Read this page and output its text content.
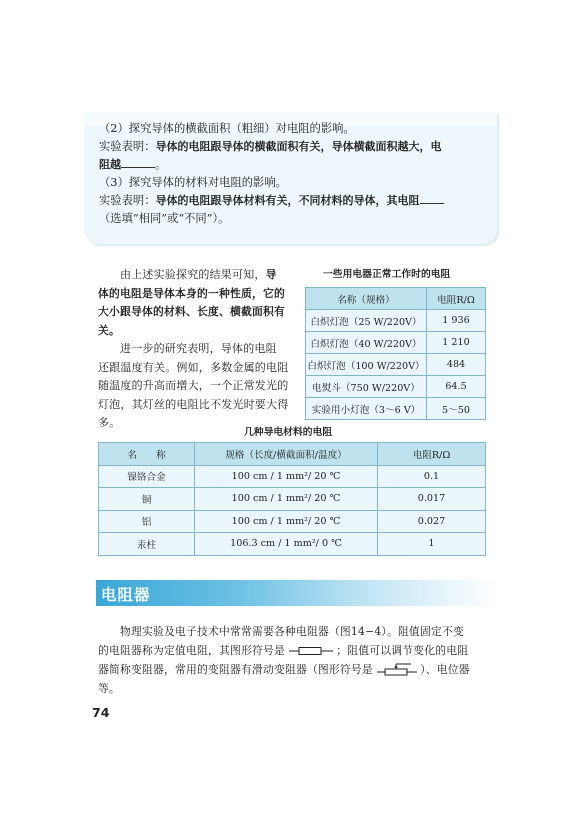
（2）探究导体的横截面积（粗细）对电阻的影响。
实验表明：导体的电阻跟导体的横截面积有关，导体横截面积越大，电
阻越	。
（3）探究导体的材料对电阻的影响。
实验表明：导体的电阻跟导体材料有关，不同材料的导体，其电阻
（选填“相同”或“不同”）。
由上述实验探究的结果可知，导
体的电阻是导体本身的一种性质，它的
大小跟导体的材料、长度、横截面积有
关。
进一步的研究表明，导体的电阻
还跟温度有关。例如，多数金属的电阻
随温度的升高而增大，一个正常发光的
灯泡，其灯丝的电阻比不发光时要大得
多。
一些用电器正常工作时的电阻
名称（规格）	电阻R/Ω
白炽灯泡（25 W/220V）	1 936
白炽灯泡（40 W/220V）	1 210
白炽灯泡（100 W/220V）	484
电熨斗（750 W/220V）	64.5
实验用小灯泡（3～6 V）	5～50
几种导电材料的电阻
名　　称	规格（长度/横截面积/温度）	电阻R/Ω
镍铬合金	100 cm / 1 mm²/ 20 ℃	0.1
铜	100 cm / 1 mm²/ 20 ℃	0.017
铝	100 cm / 1 mm²/ 20 ℃	0.027
汞柱	106.3 cm / 1 mm²/ 0 ℃	1
电阻器
物理实验及电子技术中常常需要各种电阻器（图14−4）。阻值固定不变
的电阻器称为定值电阻，其图形符号是	；阻值可以调节变化的电阻
器简称变阻器，常用的变阻器有滑动变阻器（图形符号是	）、电位器
等。
74
